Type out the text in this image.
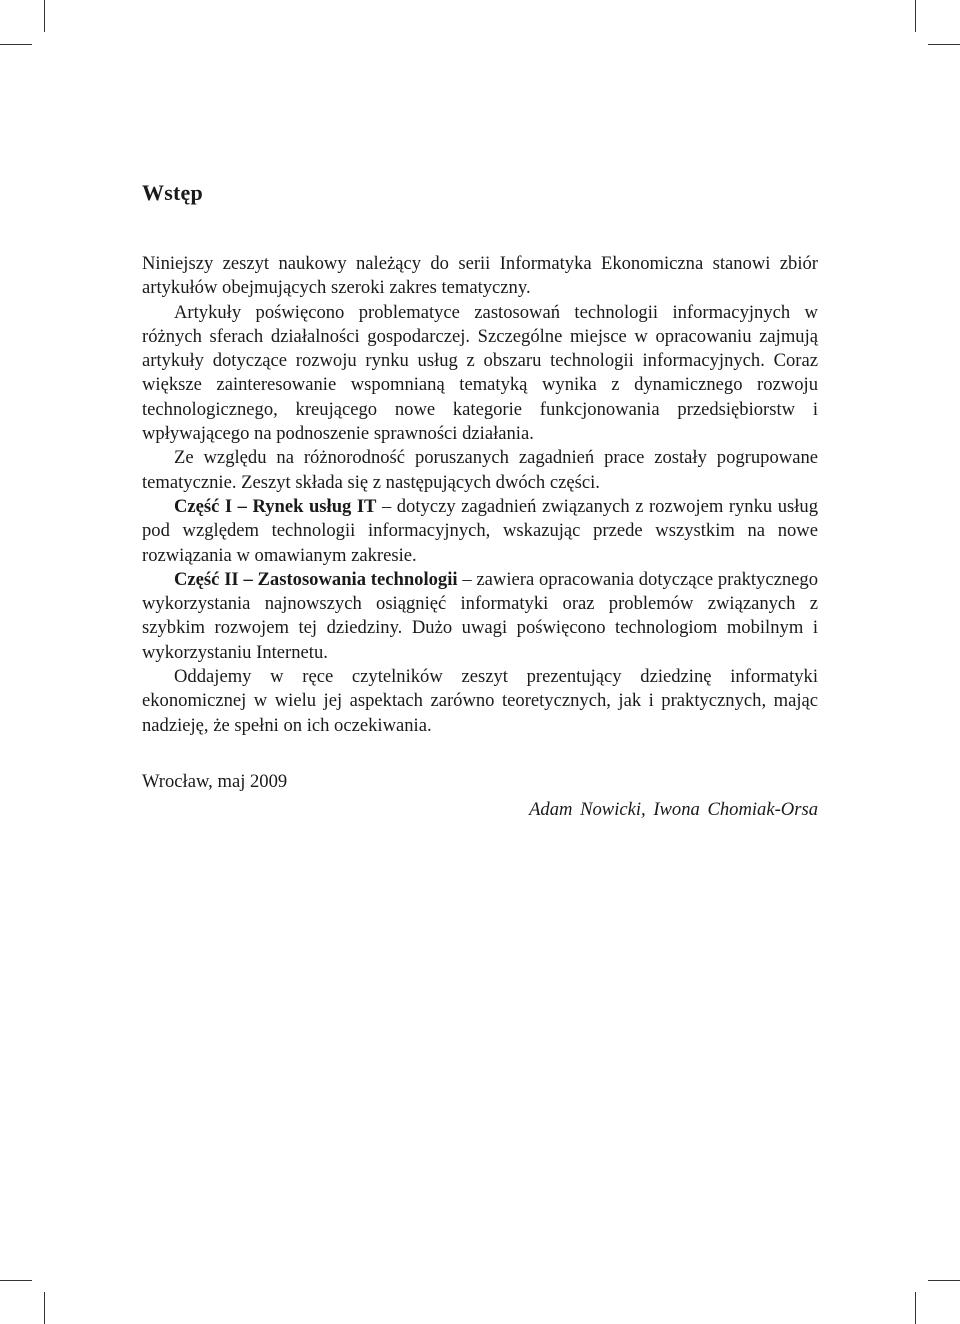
Wstęp

Niniejszy zeszyt naukowy należący do serii Informatyka Ekonomiczna stanowi zbiór artykułów obejmujących szeroki zakres tematyczny.

Artykuły poświęcono problematyce zastosowań technologii informacyjnych w różnych sferach działalności gospodarczej. Szczególne miejsce w opracowaniu zajmują artykuły dotyczące rozwoju rynku usług z obszaru technologii informacyjnych. Coraz większe zainteresowanie wspomnianą tematyką wynika z dynamicznego rozwoju technologicznego, kreującego nowe kategorie funkcjonowania przedsiębiorstw i wpływającego na podnoszenie sprawności działania.

Ze względu na różnorodność poruszanych zagadnień prace zostały pogrupowane tematycznie. Zeszyt składa się z następujących dwóch części.

Część I – Rynek usług IT – dotyczy zagadnień związanych z rozwojem rynku usług pod względem technologii informacyjnych, wskazując przede wszystkim na nowe rozwiązania w omawianym zakresie.

Część II – Zastosowania technologii – zawiera opracowania dotyczące praktycznego wykorzystania najnowszych osiągnięć informatyki oraz problemów związanych z szybkim rozwojem tej dziedziny. Dużo uwagi poświęcono technologiom mobilnym i wykorzystaniu Internetu.

Oddajemy w ręce czytelników zeszyt prezentujący dziedzinę informatyki ekonomicznej w wielu jej aspektach zarówno teoretycznych, jak i praktycznych, mając nadzieję, że spełni on ich oczekiwania.

Wrocław, maj 2009
Adam Nowicki, Iwona Chomiak-Orsa
